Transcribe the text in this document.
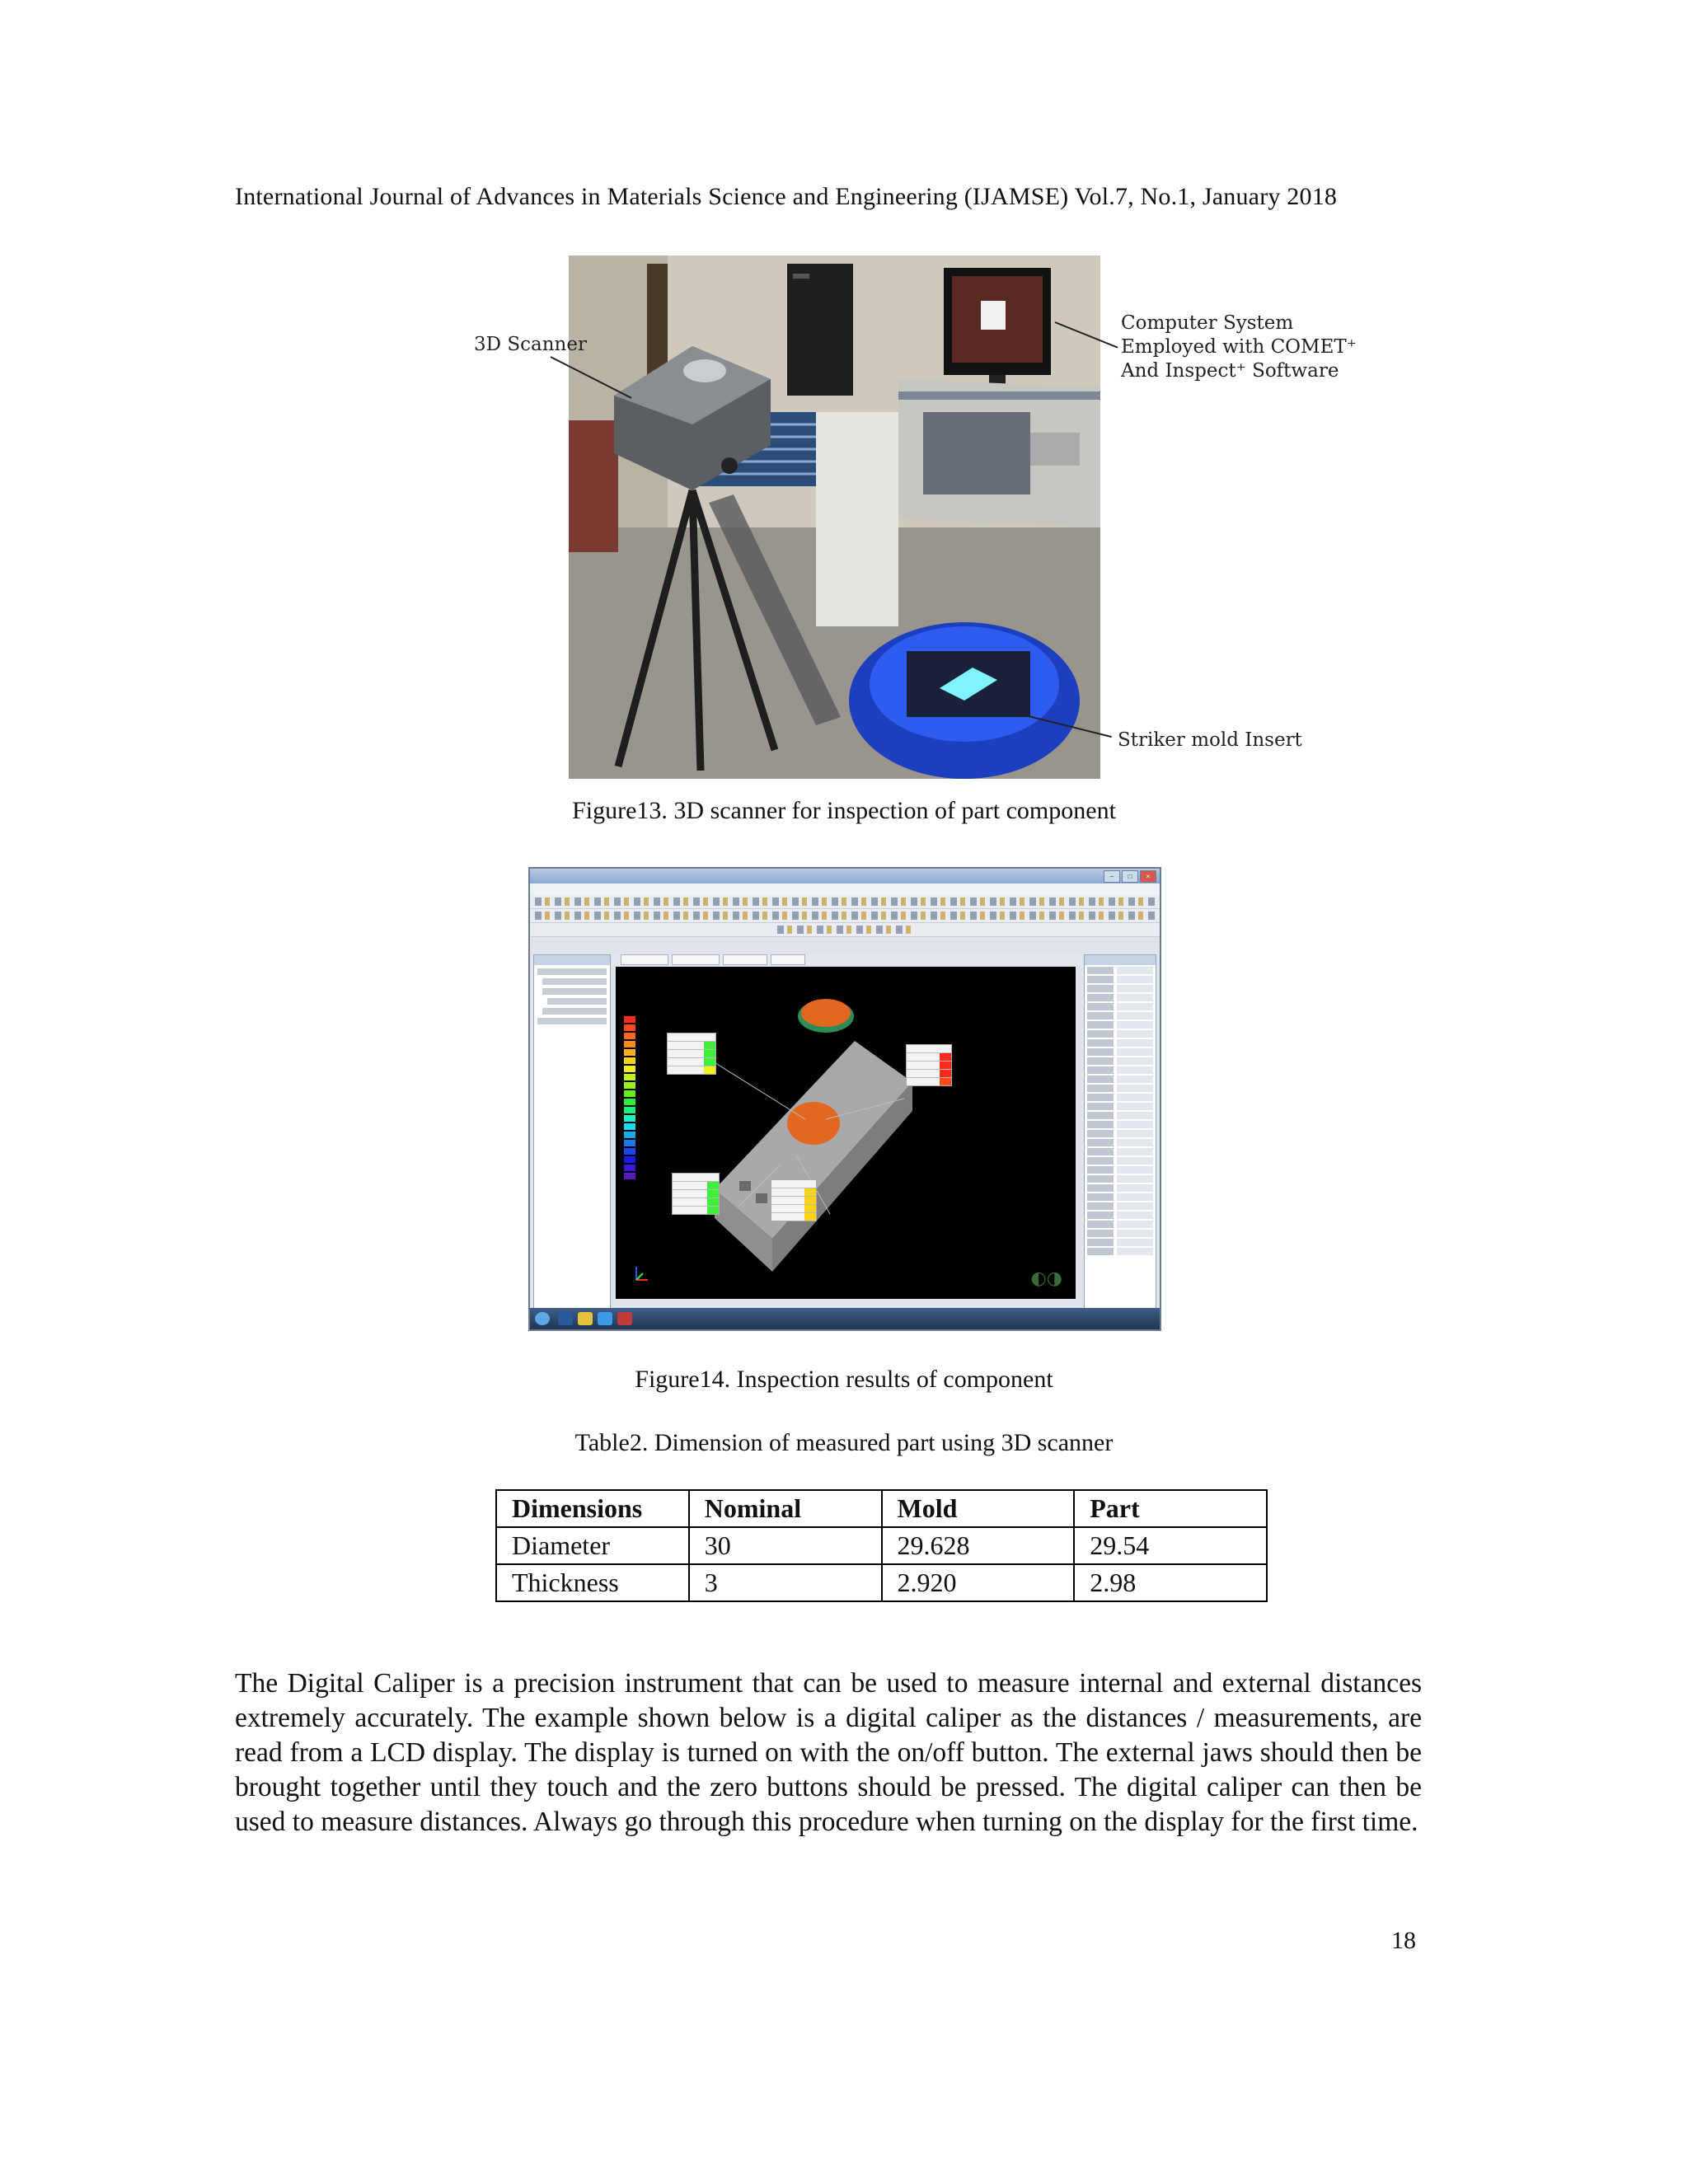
International Journal of Advances in Materials Science and Engineering (IJAMSE) Vol.7, No.1, January 2018
3D Scanner
Computer System
Employed with COMET⁺
And Inspect⁺ Software
Striker mold Insert
Figure13. 3D scanner for inspection of part component
–	□	×
◐◑
Figure14. Inspection results of component
Table2. Dimension of measured part using 3D scanner
Dimensions	Nominal	Mold	Part
Diameter	30	29.628	29.54
Thickness	3	2.920	2.98
The Digital Caliper is a precision instrument that can be used to measure internal and external distances extremely accurately. The example shown below is a digital caliper as the distances / measurements, are read from a LCD display. The display is turned on with the on/off button. The external jaws should then be brought together until they touch and the zero buttons should be pressed. The digital caliper can then be used to measure distances. Always go through this procedure when turning on the display for the first time.
18
